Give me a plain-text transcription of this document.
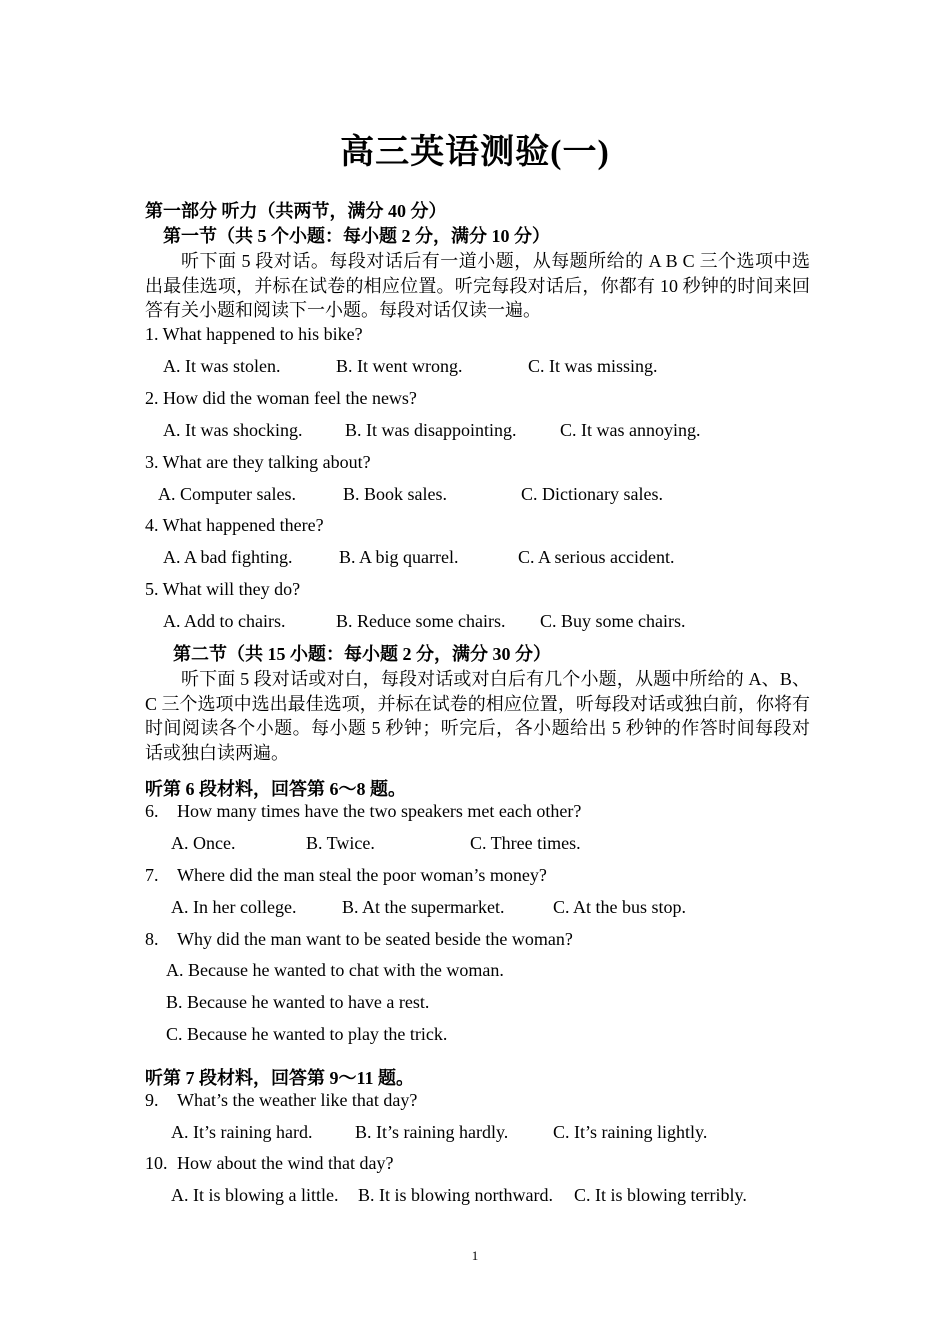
高三英语测验(一)
第一部分 听力（共两节，满分 40 分）
第一节（共 5 个小题：每小题 2 分，满分 10 分）
听下面 5 段对话。每段对话后有一道小题，从每题所给的 A B C 三个选项中选出最佳选项，并标在试卷的相应位置。听完每段对话后，你都有 10 秒钟的时间来回答有关小题和阅读下一小题。每段对话仅读一遍。
1. What happened to his bike?
A. It was stolen.	B. It went wrong.	C. It was missing.
2. How did the woman feel the news?
A. It was shocking. B. It was disappointing. C. It was annoying.
3. What are they talking about?
A. Computer sales.	B. Book sales.	C. Dictionary sales.
4. What happened there?
A. A bad fighting.	B. A big quarrel.	C. A serious accident.
5. What will they do?
A. Add to chairs.	B. Reduce some chairs. C. Buy some chairs.
第二节（共 15 小题：每小题 2 分，满分 30 分）
听下面 5 段对话或对白，每段对话或对白后有几个小题，从题中所给的 A、B、C 三个选项中选出最佳选项，并标在试卷的相应位置，听每段对话或独白前，你将有时间阅读各个小题。每小题 5 秒钟；听完后，各小题给出 5 秒钟的作答时间每段对话或独白读两遍。
听第 6 段材料，回答第 6～8 题。
6. How many times have the two speakers met each other?
A. Once.	B. Twice.	C. Three times.
7. Where did the man steal the poor woman’s money?
A. In her college.	B. At the supermarket.	C. At the bus stop.
8. Why did the man want to be seated beside the woman?
A. Because he wanted to chat with the woman.
B. Because he wanted to have a rest.
C. Because he wanted to play the trick.
听第 7 段材料，回答第 9～11 题。
9. What’s the weather like that day?
A. It’s raining hard. B. It’s raining hardly. C. It’s raining lightly.
10. How about the wind that day?
A. It is blowing a little. B. It is blowing northward. C. It is blowing terribly.
1
